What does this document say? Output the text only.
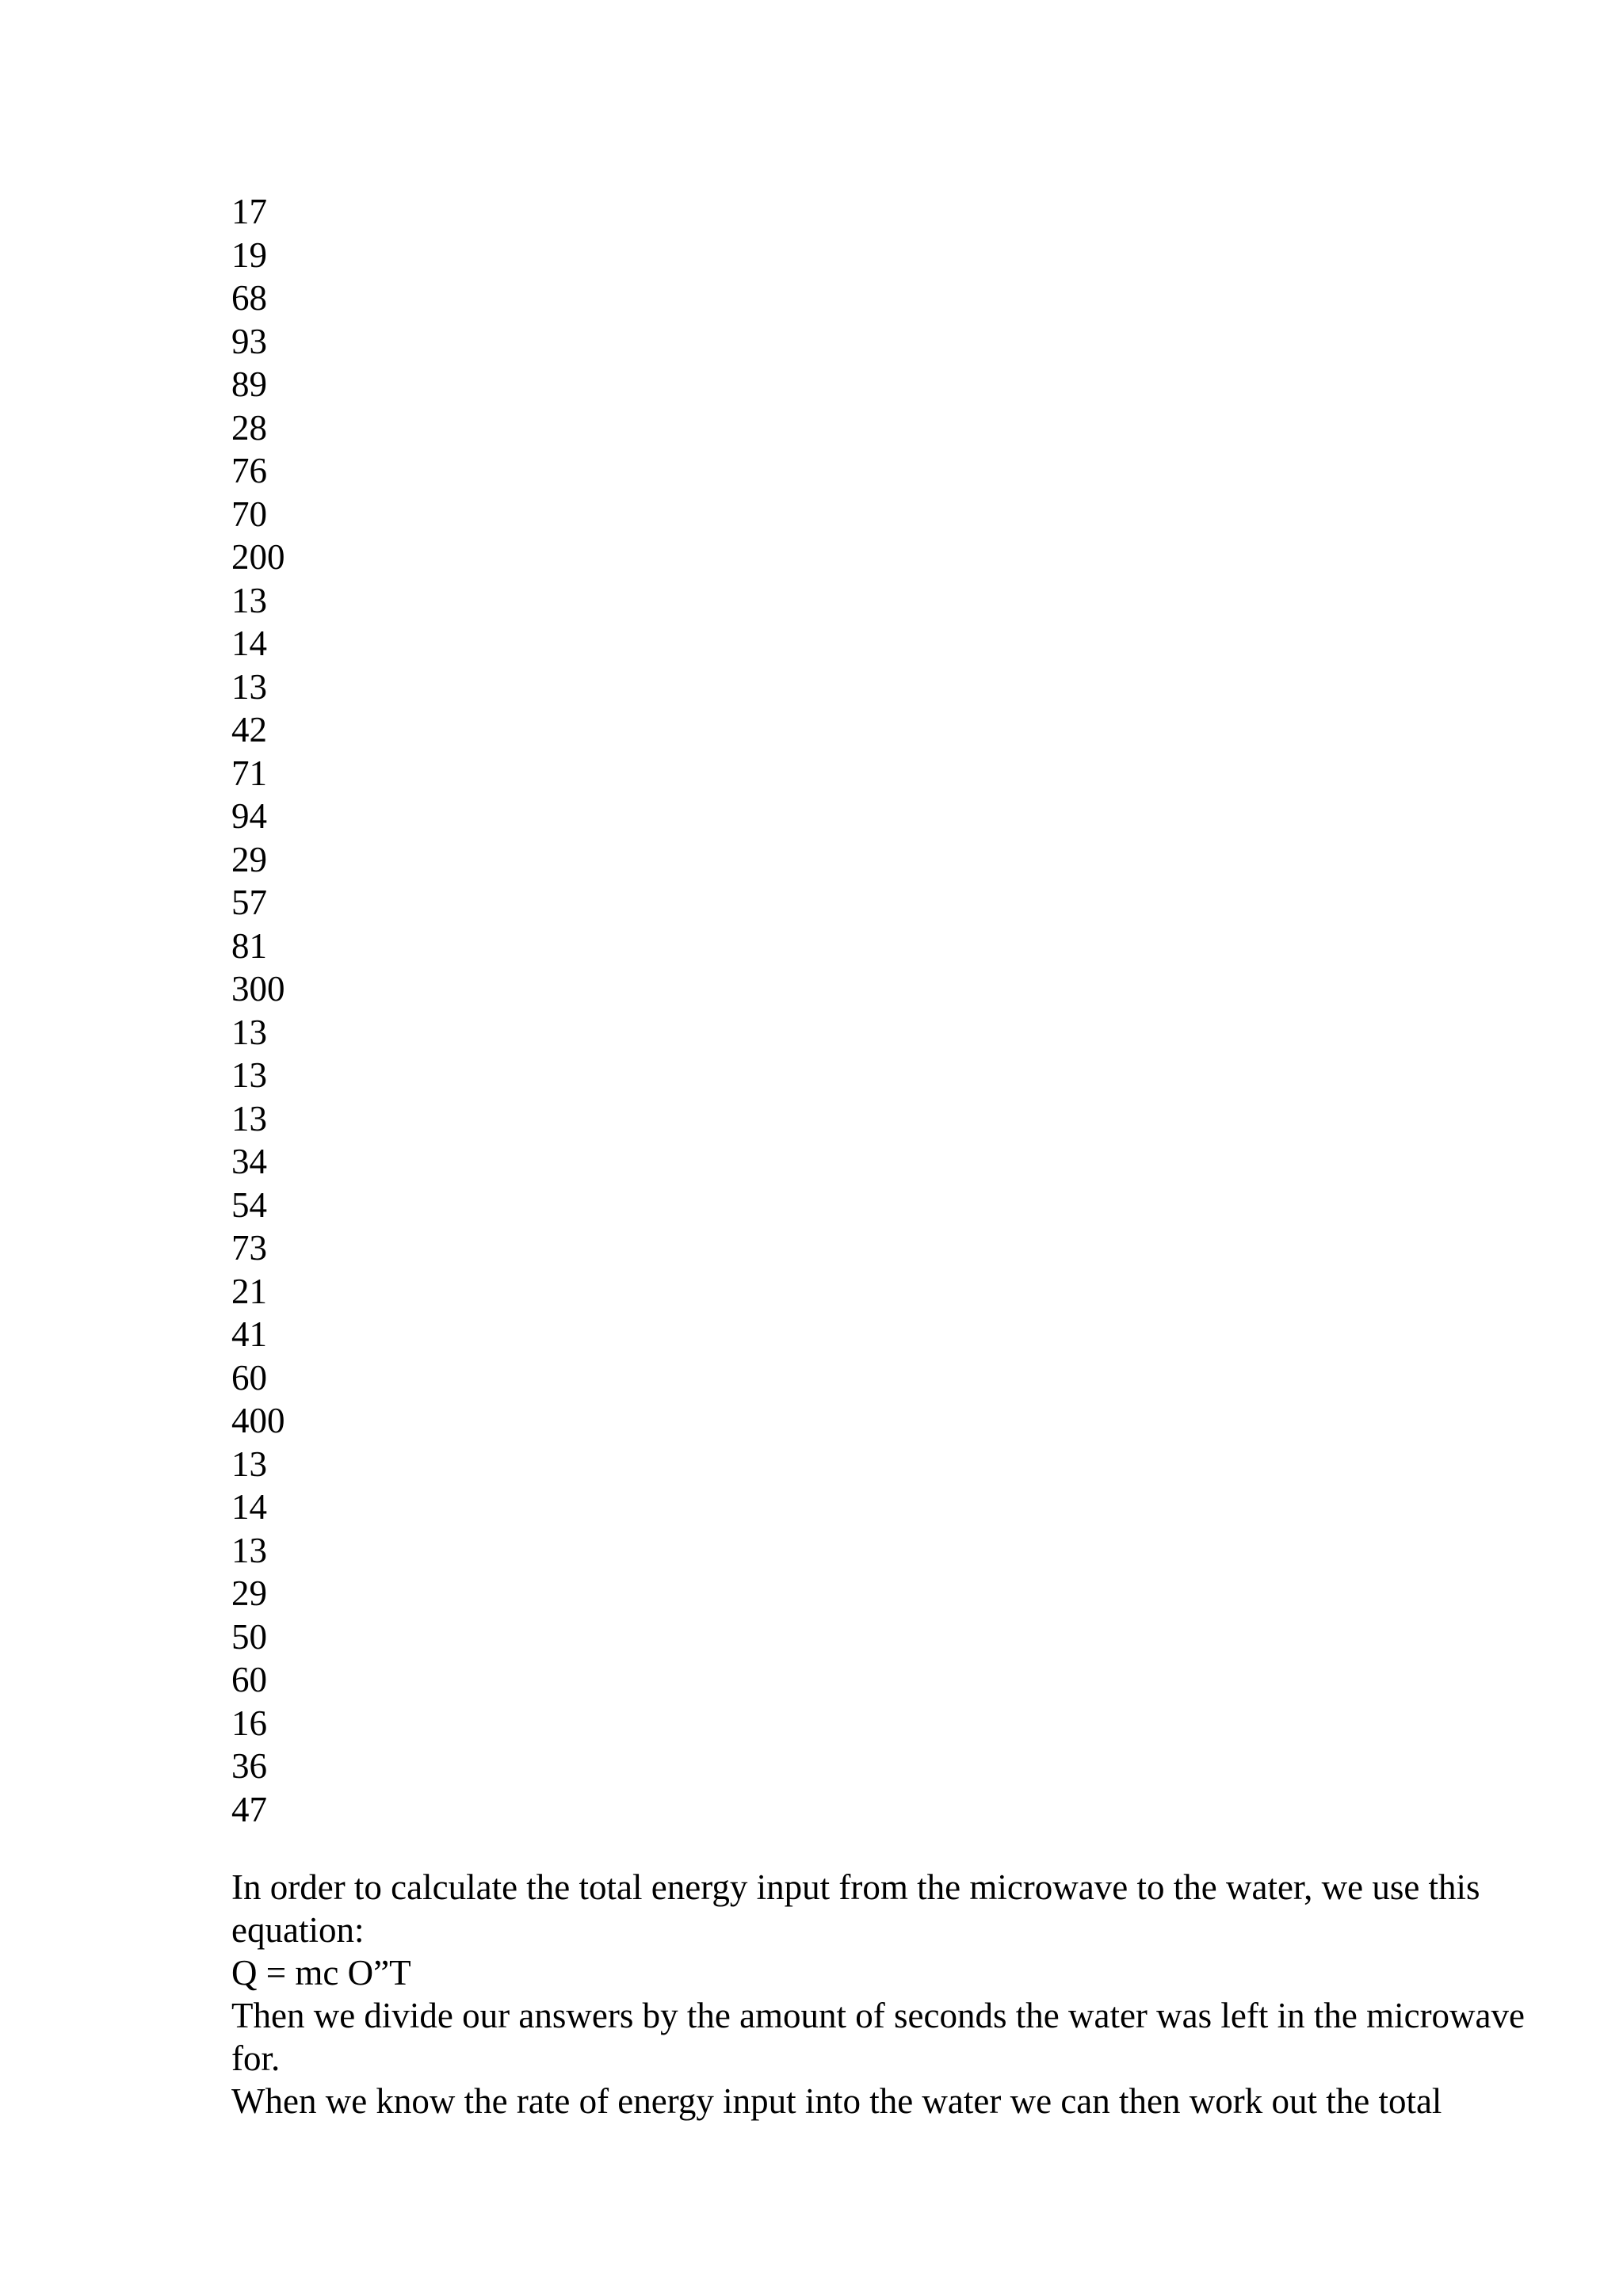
17
19
68
93
89
28
76
70
200
13
14
13
42
71
94
29
57
81
300
13
13
13
34
54
73
21
41
60
400
13
14
13
29
50
60
16
36
47

In order to calculate the total energy input from the microwave to the water, we use this equation:

Q = mc O”T

Then we divide our answers by the amount of seconds the water was left in the microwave for.

When we know the rate of energy input into the water we can then work out the total
